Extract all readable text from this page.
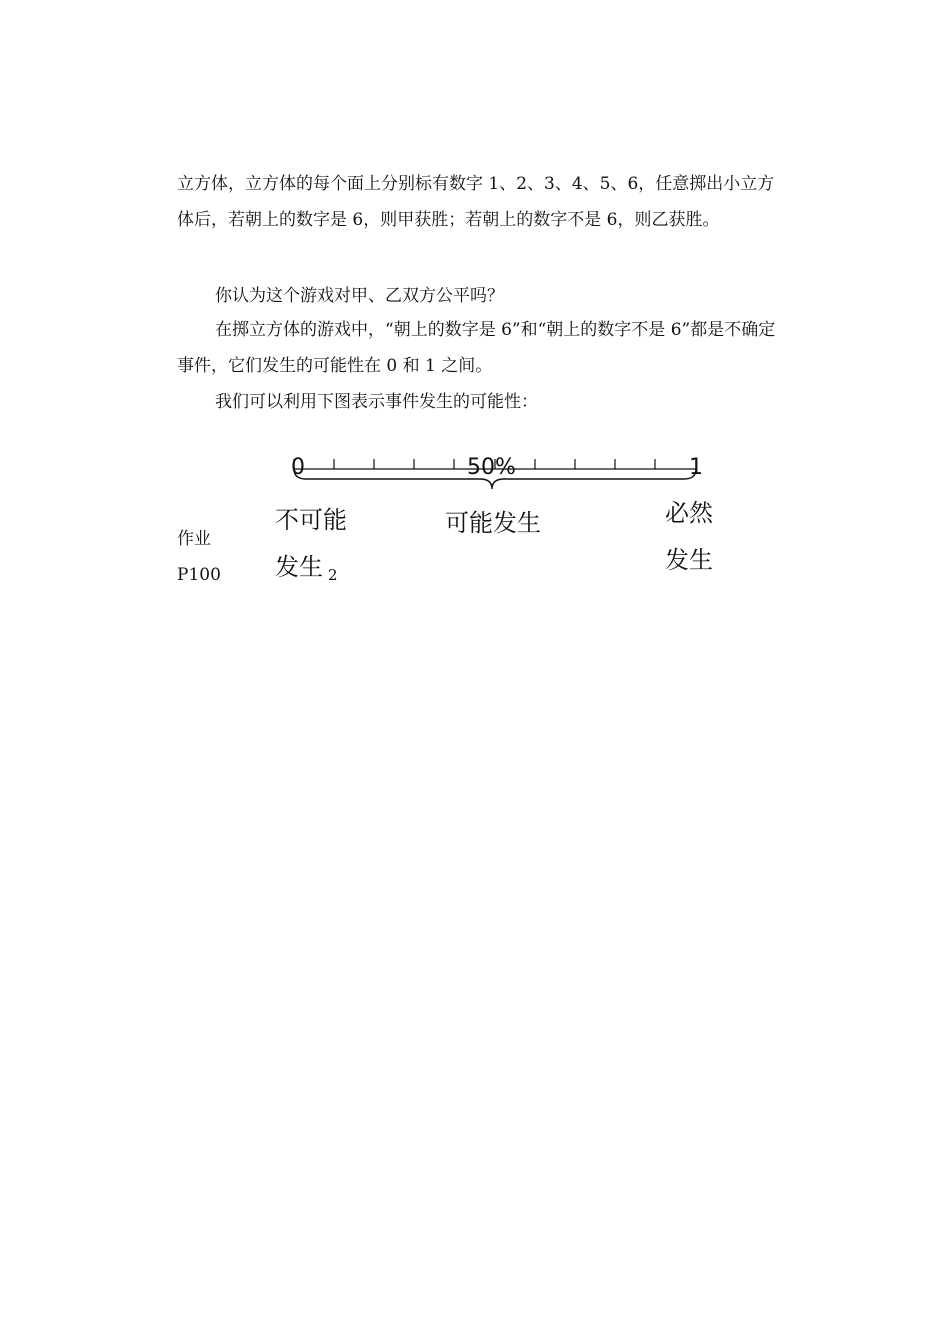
立方体，立方体的每个面上分别标有数字 1、2、3、4、5、6，任意掷出小立方体后，若朝上的数字是 6，则甲获胜；若朝上的数字不是 6，则乙获胜。

你认为这个游戏对甲、乙双方公平吗？

在掷立方体的游戏中，“朝上的数字是 6”和“朝上的数字不是 6”都是不确定事件，它们发生的可能性在 0 和 1 之间。

我们可以利用下图表示事件发生的可能性：

0	50%	1

不可能

发生

可能发生	必然

发生

作业

P100	2
